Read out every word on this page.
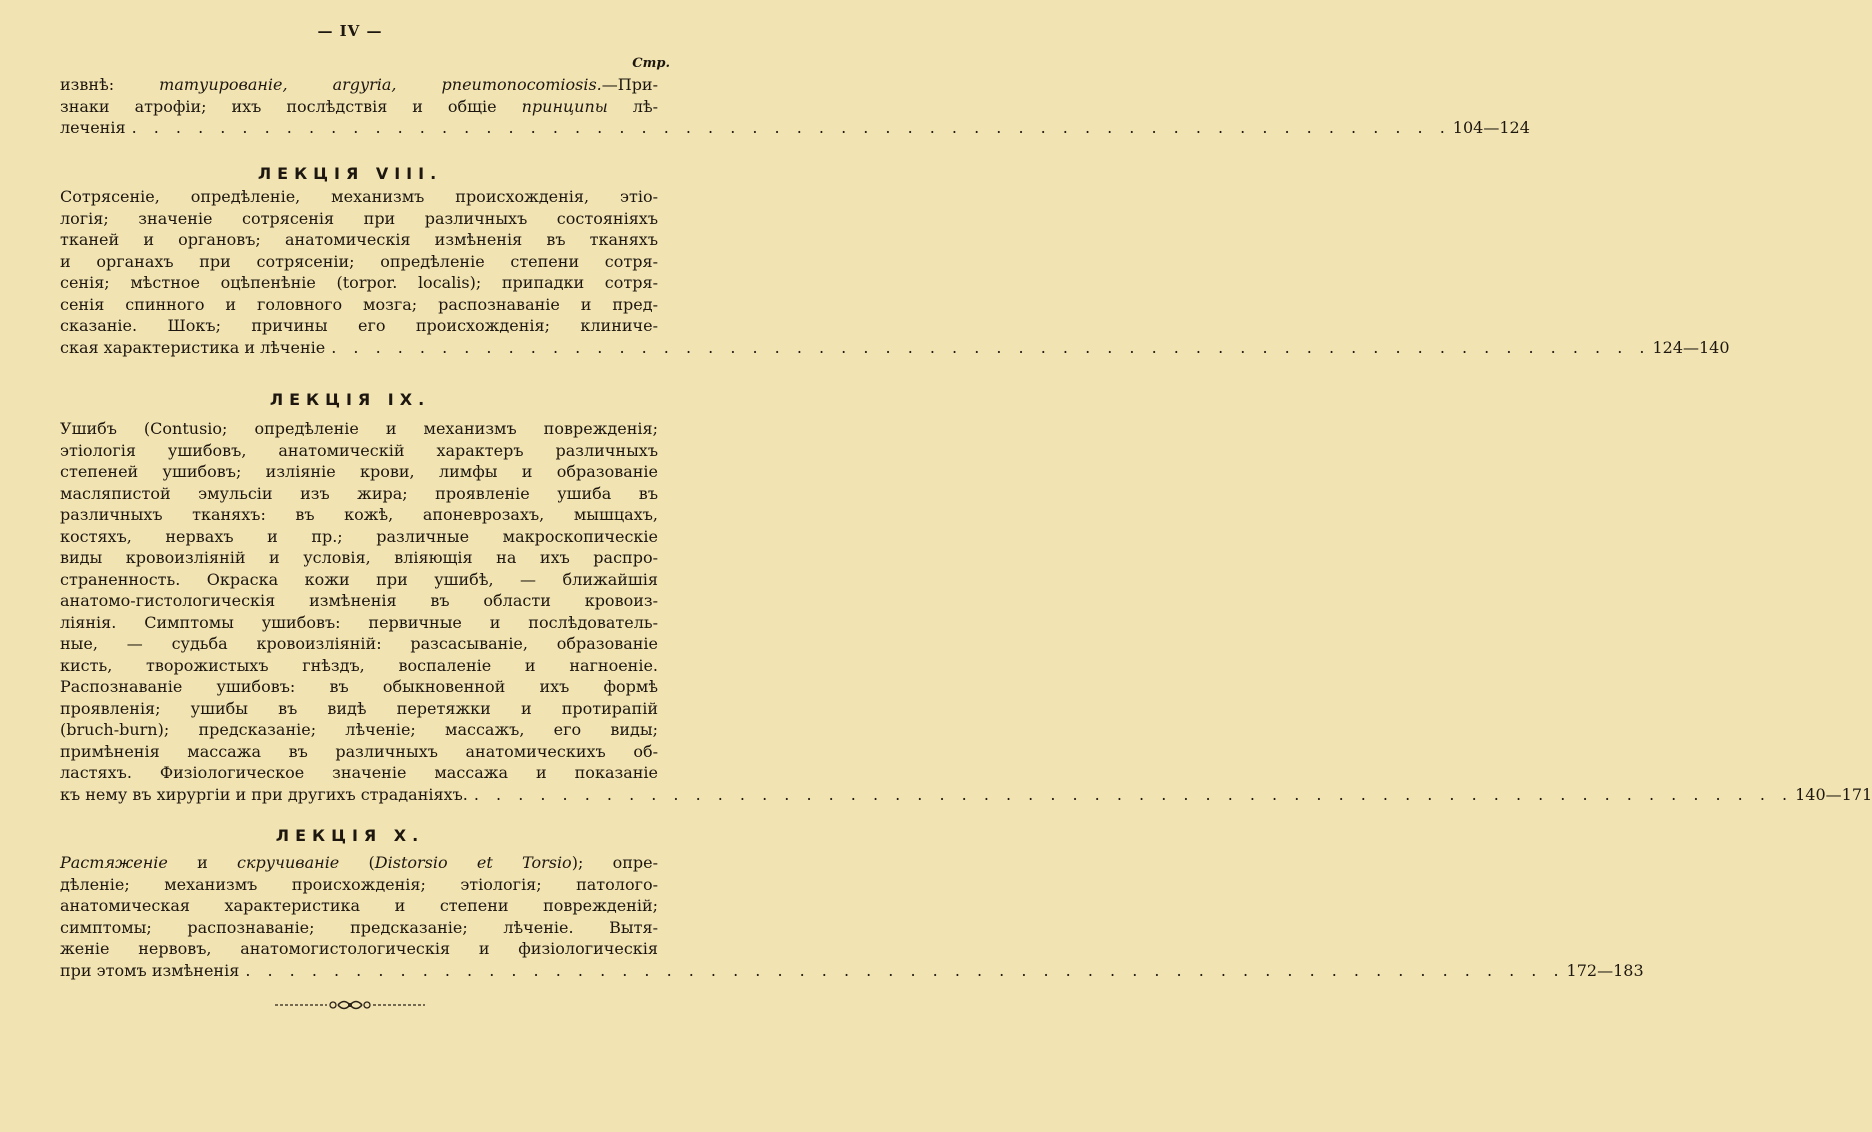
— IV —
Стр.
извнѣ: татуированіе, argyria, pneumonocomiosis.—При-
знаки атрофіи; ихъ послѣдствія и общіе принципы лѣ-
леченія . . . . . . . . . . . . . . . . . . . . . . . . . . . . . . . . . . . . . . . . . . . . . . . . . . . . . . . . . . . . 104—124
ЛЕКЦІЯ VIII.
Сотрясеніе, опредѣленіе, механизмъ происхожденія, этіо-
логія; значеніе сотрясенія при различныхъ состояніяхъ
тканей и органовъ; анатомическія измѣненія въ тканяхъ
и органахъ при сотрясеніи; опредѣленіе степени сотря-
сенія; мѣстное оцѣпенѣніе (torpor. localis); припадки сотря-
сенія спинного и головного мозга; распознаваніе и пред-
сказаніе. Шокъ; причины его происхожденія; клиниче-
ская характеристика и лѣченіе . . . . . . . . . . . . . . . . . . . . . . . . . . . . . . . . . . . . . . . . . . . . . . . . . . . . . . . . . . . . 124—140
ЛЕКЦІЯ IX.
Ушибъ (Contusio; опредѣленіе и механизмъ поврежденія;
этіологія ушибовъ, анатомическій характеръ различныхъ
степеней ушибовъ; изліяніе крови, лимфы и образованіе
масляпистой эмульсіи изъ жира; проявленіе ушиба въ
различныхъ тканяхъ: въ кожѣ, апоневрозахъ, мышцахъ,
костяхъ, нервахъ и пр.; различные макроскопическіе
виды кровоизліяній и условія, вліяющія на ихъ распро-
страненность. Окраска кожи при ушибѣ, — ближайшія
анатомо-гистологическія измѣненія въ области кровоиз-
ліянія. Симптомы ушибовъ: первичные и послѣдователь-
ные, — судьба кровоизліяній: разсасываніе, образованіе
кисть, творожистыхъ гнѣздъ, воспаленіе и нагноеніе.
Распознаваніе ушибовъ: въ обыкновенной ихъ формѣ
проявленія; ушибы въ видѣ перетяжки и протирапій
(bruch-burn); предсказаніе; лѣченіе; массажъ, его виды;
примѣненія массажа въ различныхъ анатомическихъ об-
ластяхъ. Физіологическое значеніе массажа и показаніе
къ нему въ хирургіи и при другихъ страданіяхъ. . . . . . . . . . . . . . . . . . . . . . . . . . . . . . . . . . . . . . . . . . . . . . . . . . . . . . . . . . . . . 140—171
ЛЕКЦІЯ X.
Растяженіе и скручиваніе (Distorsio et Torsio); опре-
дѣленіе; механизмъ происхожденія; этіологія; патолого-
анатомическая характеристика и степени поврежденій;
симптомы; распознаваніе; предсказаніе; лѣченіе. Вытя-
женіе нервовъ, анатомогистологическія и физіологическія
при этомъ измѣненія . . . . . . . . . . . . . . . . . . . . . . . . . . . . . . . . . . . . . . . . . . . . . . . . . . . . . . . . . . . . 172—183
